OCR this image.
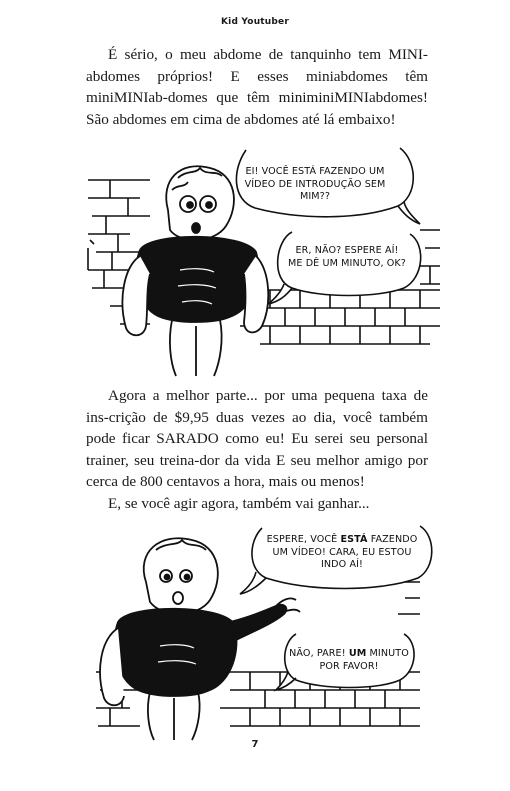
Kid Youtuber

É sério, o meu abdome de tanquinho tem MINI-abdomes próprios! E esses miniabdomes têm miniMINIab-domes que têm miniminiMINIabdomes! São abdomes em cima de abdomes até lá embaixo!

EI! VOCÊ ESTÁ FAZENDO UM VÍDEO DE INTRODUÇÃO SEM MIM??
ER, NÃO? ESPERE AÍ! ME DÊ UM MINUTO, OK?

Agora a melhor parte... por uma pequena taxa de ins-crição de $9,95 duas vezes ao dia, você também pode ficar SARADO como eu! Eu serei seu personal trainer, seu treina-dor da vida E seu melhor amigo por cerca de 800 centavos a hora, mais ou menos!

E, se você agir agora, também vai ganhar...

ESPERE, VOCÊ ESTÁ FAZENDO UM VÍDEO! CARA, EU ESTOU INDO AÍ!
NÃO, PARE! UM MINUTO POR FAVOR!
7
